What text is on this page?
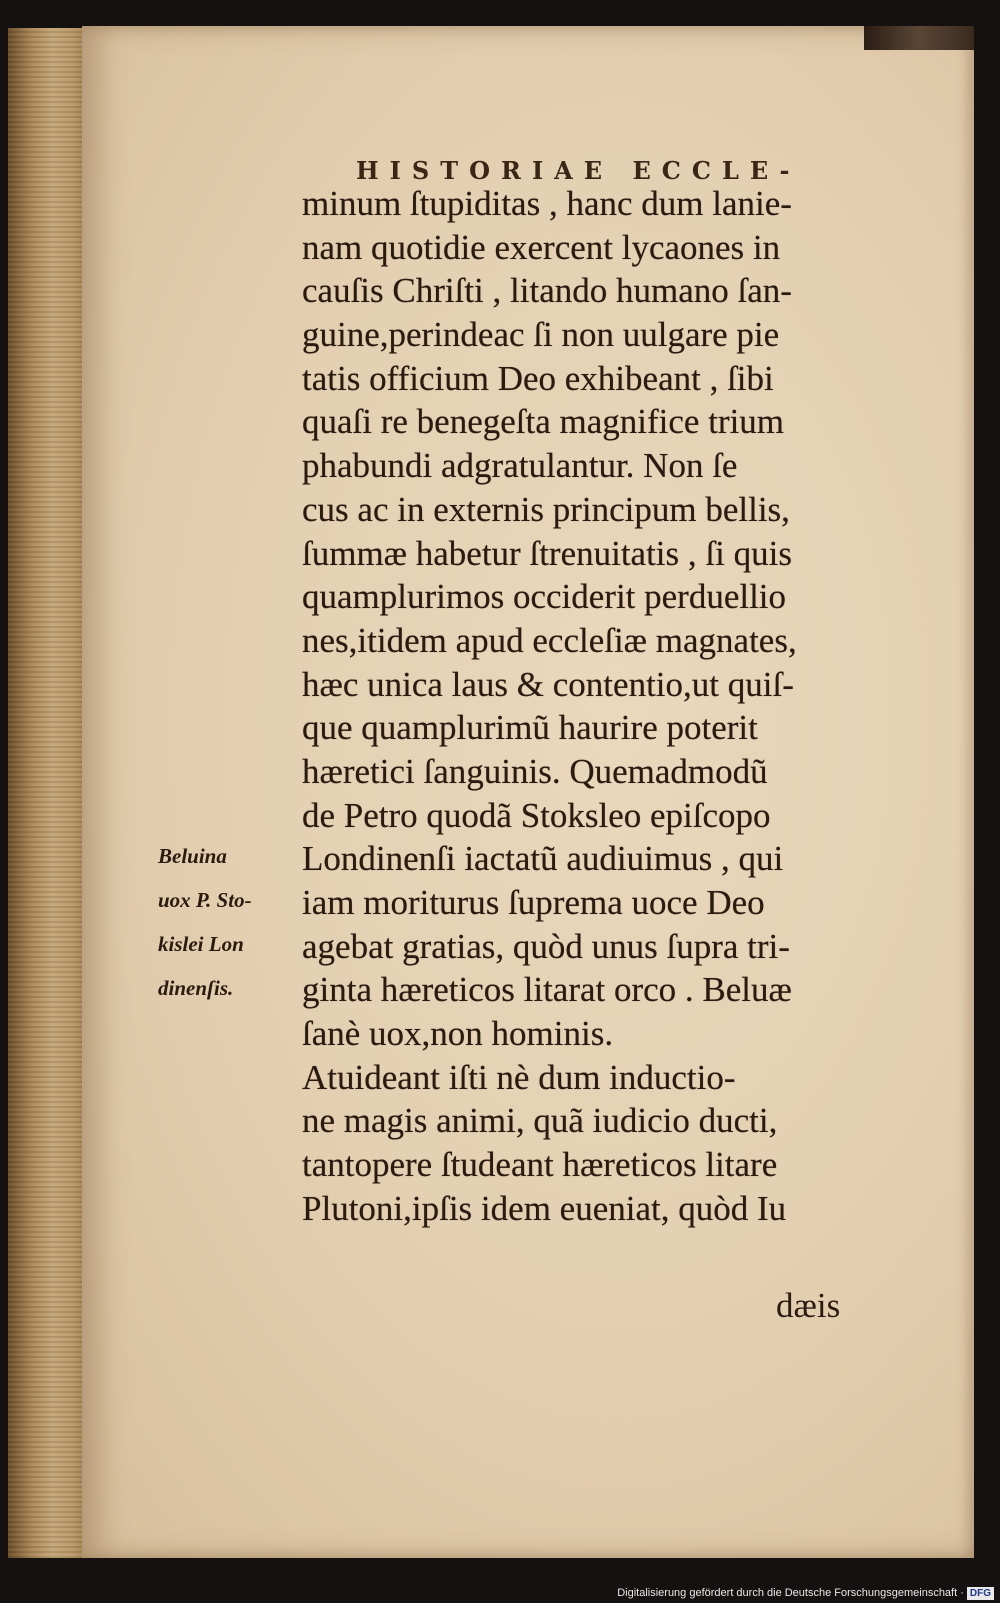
HISTORIAE ECCLE-
minum ſtupiditas , hanc dum lanie-
nam quotidie exercent lycaones in
cauſis Chriſti , litando humano ſan-
guine,perindeac ſi non uulgare pie
tatis officium Deo exhibeant , ſibi
quaſi re benegeſta magnifice trium
phabundi adgratulantur. Non ſe
cus ac in externis principum bellis,
ſummæ habetur ſtrenuitatis , ſi quis
quamplurimos occiderit perduellio
nes,itidem apud eccleſiæ magnates,
hæc unica laus & contentio,ut quiſ-
que quamplurimũ haurire poterit
hæretici ſanguinis. Quemadmodũ
de Petro quodã Stoksleo epiſcopo
Londinenſi iactatũ audiuimus , qui
iam moriturus ſuprema uoce Deo
agebat gratias, quòd unus ſupra tri-
ginta hæreticos litarat orco . Beluæ
ſanè uox,non hominis.
Atuideant iſti nè dum inductio-
ne magis animi, quã iudicio ducti,
tantopere ſtudeant hæreticos litare
Plutoni,ipſis idem eueniat, quòd Iu
Beluina
uox P. Sto-
kislei Lon
dinenſis.
dæis
Digitalisierung gefördert durch die Deutsche Forschungsgemeinschaft · DFG
